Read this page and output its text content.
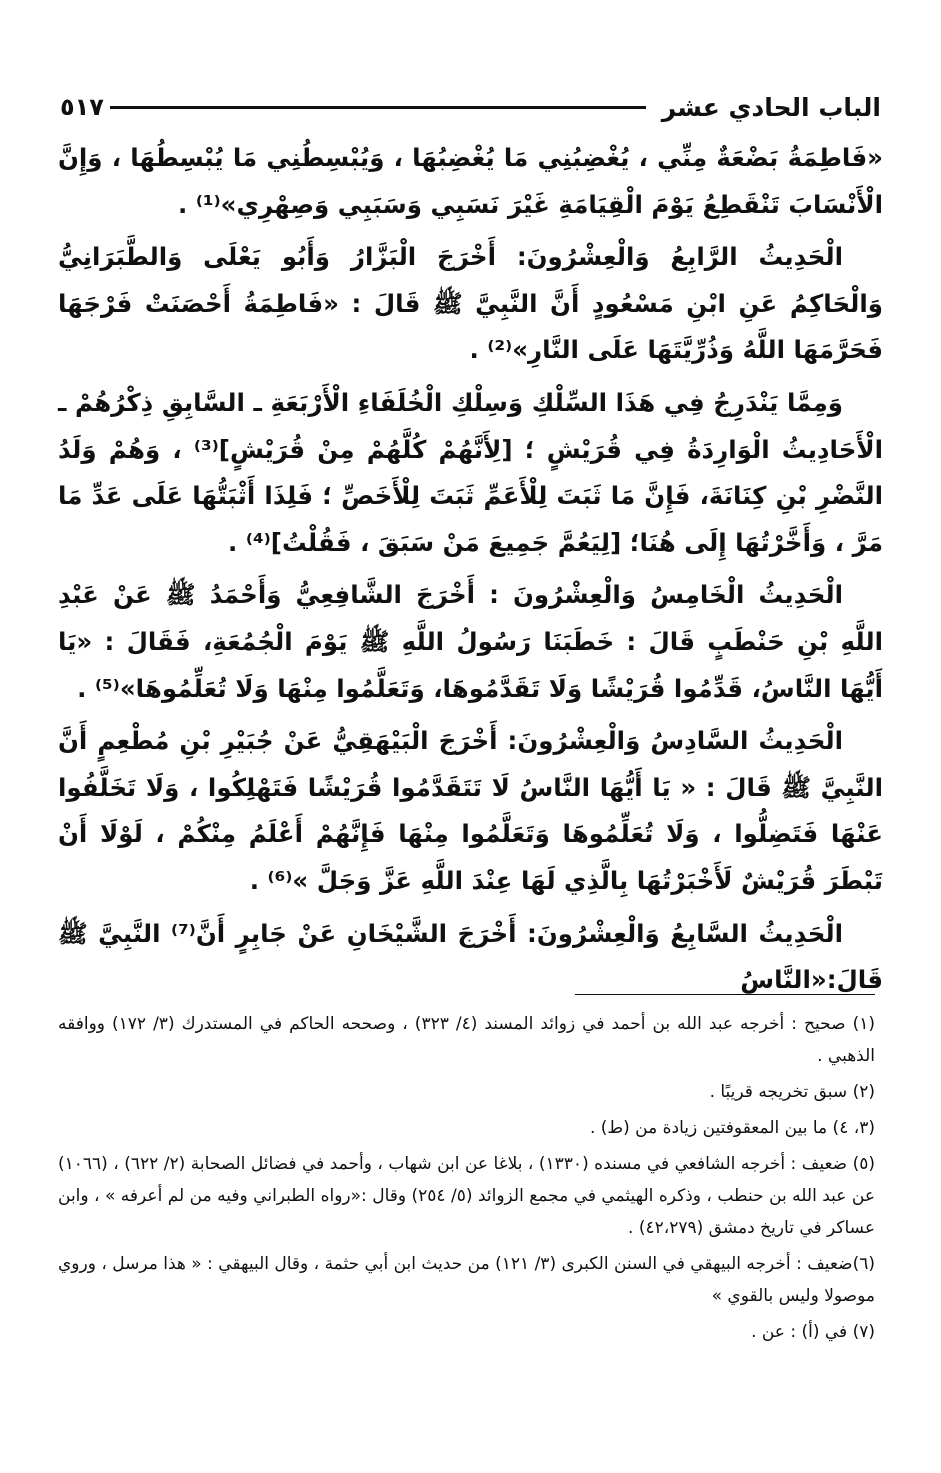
الباب الحادي عشر
٥١٧

«فَاطِمَةُ بَضْعَةٌ مِنِّي ، يُغْضِبُنِي مَا يُغْضِبُهَا ، وَيُبْسِطُنِي مَا يُبْسِطُهَا ، وَإِنَّ الْأَنْسَابَ تَنْقَطِعُ يَوْمَ الْقِيَامَةِ غَيْرَ نَسَبِي وَسَبَبِي وَصِهْرِي»⁽¹⁾ .

الْحَدِيثُ الرَّابِعُ وَالْعِشْرُونَ: أَخْرَجَ الْبَزَّارُ وَأَبُو يَعْلَى وَالطَّبَرَانِيُّ وَالْحَاكِمُ عَنِ ابْنِ مَسْعُودٍ أَنَّ النَّبِيَّ ﷺ قَالَ : «فَاطِمَةُ أَحْصَنَتْ فَرْجَهَا فَحَرَّمَهَا اللَّهُ وَذُرِّيَّتَهَا عَلَى النَّارِ»⁽²⁾ .

وَمِمَّا يَنْدَرِجُ فِي هَذَا السِّلْكِ وَسِلْكِ الْخُلَفَاءِ الْأَرْبَعَةِ ـ السَّابِقِ ذِكْرُهُمْ ـ الْأَحَادِيثُ الْوَارِدَةُ فِي قُرَيْشٍ ؛ [لِأَنَّهُمْ كُلَّهُمْ مِنْ قُرَيْشٍ]⁽³⁾ ، وَهُمْ وَلَدُ النَّضْرِ بْنِ كِنَانَةَ، فَإِنَّ مَا ثَبَتَ لِلْأَعَمِّ ثَبَتَ لِلْأَخَصِّ ؛ فَلِذَا أَثْبَتُّهَا عَلَى عَدِّ مَا مَرَّ ، وَأَخَّرْتُهَا إِلَى هُنَا؛ [لِيَعُمَّ جَمِيعَ مَنْ سَبَقَ ، فَقُلْتُ]⁽⁴⁾ .

الْحَدِيثُ الْخَامِسُ وَالْعِشْرُونَ : أَخْرَجَ الشَّافِعِيُّ وَأَحْمَدُ ﷺ عَنْ عَبْدِ اللَّهِ بْنِ حَنْطَبٍ قَالَ : خَطَبَنَا رَسُولُ اللَّهِ ﷺ يَوْمَ الْجُمُعَةِ، فَقَالَ : «يَا أَيُّهَا النَّاسُ، قَدِّمُوا قُرَيْشًا وَلَا تَقَدَّمُوهَا، وَتَعَلَّمُوا مِنْهَا وَلَا تُعَلِّمُوهَا»⁽⁵⁾ .

الْحَدِيثُ السَّادِسُ وَالْعِشْرُونَ: أَخْرَجَ الْبَيْهَقِيُّ عَنْ جُبَيْرِ بْنِ مُطْعِمٍ أَنَّ النَّبِيَّ ﷺ قَالَ : « يَا أَيُّهَا النَّاسُ لَا تَتَقَدَّمُوا قُرَيْشًا فَتَهْلِكُوا ، وَلَا تَخَلَّفُوا عَنْهَا فَتَضِلُّوا ، وَلَا تُعَلِّمُوهَا وَتَعَلَّمُوا مِنْهَا فَإِنَّهُمْ أَعْلَمُ مِنْكُمْ ، لَوْلَا أَنْ تَبْطَرَ قُرَيْشٌ لَأَخْبَرْتُهَا بِالَّذِي لَهَا عِنْدَ اللَّهِ عَزَّ وَجَلَّ »⁽⁶⁾ .

الْحَدِيثُ السَّابِعُ وَالْعِشْرُونَ: أَخْرَجَ الشَّيْخَانِ عَنْ جَابِرٍ أَنَّ⁽⁷⁾ النَّبِيَّ ﷺ قَالَ:«النَّاسُ

(١) صحيح : أخرجه عبد الله بن أحمد في زوائد المسند (٤/ ٣٢٣) ، وصححه الحاكم في المستدرك (٣/ ١٧٢) ووافقه الذهبي .
(٢) سبق تخريجه قريبًا .
(٣، ٤) ما بين المعقوفتين زيادة من (ط) .
(٥) ضعيف : أخرجه الشافعي في مسنده (١٣٣٠) ، بلاغا عن ابن شهاب ، وأحمد في فضائل الصحابة (٢/ ٦٢٢) ، (١٠٦٦) عن عبد الله بن حنطب ، وذكره الهيثمي في مجمع الزوائد (٥/ ٢٥٤) وقال :«رواه الطبراني وفيه من لم أعرفه » ، وابن عساكر في تاريخ دمشق (٤٢،٢٧٩) .
(٦)ضعيف : أخرجه البيهقي في السنن الكبرى (٣/ ١٢١) من حديث ابن أبي حثمة ، وقال البيهقي : « هذا مرسل ، وروي موصولا وليس بالقوي »
(٧) في (أ) : عن .
